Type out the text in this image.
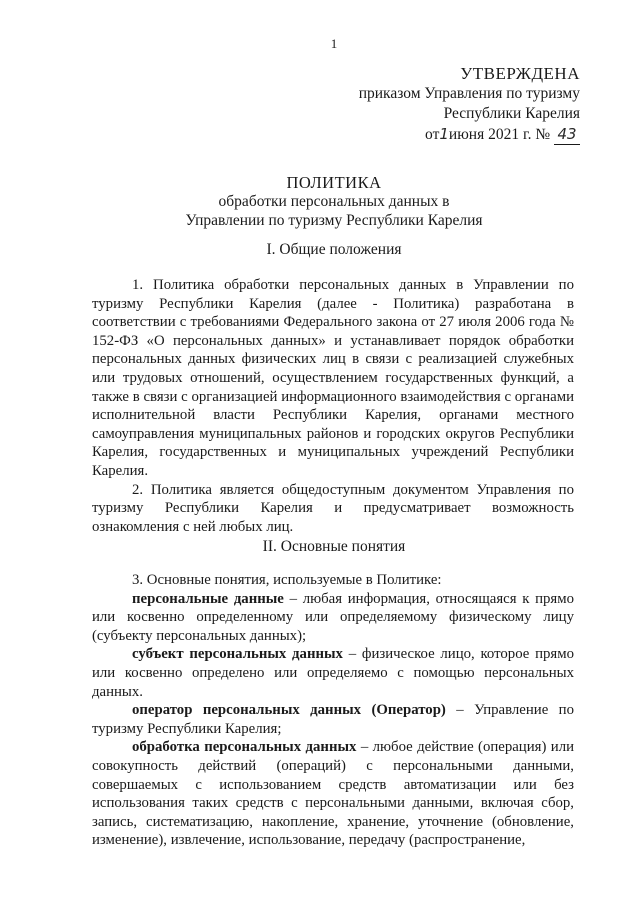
1
УТВЕРЖДЕНА
приказом Управления по туризму
Республики Карелия
от1июня 2021 г. № 43
ПОЛИТИКА
обработки персональных данных в
Управлении по туризму Республики Карелия
I. Общие положения

1. Политика обработки персональных данных в Управлении по туризму Республики Карелия (далее - Политика) разработана в соответствии с требованиями Федерального закона от 27 июля 2006 года № 152-ФЗ «О персональных данных» и устанавливает порядок обработки персональных данных физических лиц в связи с реализацией служебных или трудовых отношений, осуществлением государственных функций, а также в связи с организацией информационного взаимодействия с органами исполнительной власти Республики Карелия, органами местного самоуправления муниципальных районов и городских округов Республики Карелия, государственных и муниципальных учреждений Республики Карелия.

2. Политика является общедоступным документом Управления по туризму Республики Карелия и предусматривает возможность ознакомления с ней любых лиц.

II. Основные понятия

3. Основные понятия, используемые в Политике:

персональные данные – любая информация, относящаяся к прямо или косвенно определенному или определяемому физическому лицу (субъекту персональных данных);

субъект персональных данных – физическое лицо, которое прямо или косвенно определено или определяемо с помощью персональных данных.

оператор персональных данных (Оператор) – Управление по туризму Республики Карелия;

обработка персональных данных – любое действие (операция) или совокупность действий (операций) с персональными данными, совершаемых с использованием средств автоматизации или без использования таких средств с персональными данными, включая сбор, запись, систематизацию, накопление, хранение, уточнение (обновление, изменение), извлечение, использование, передачу (распространение,
